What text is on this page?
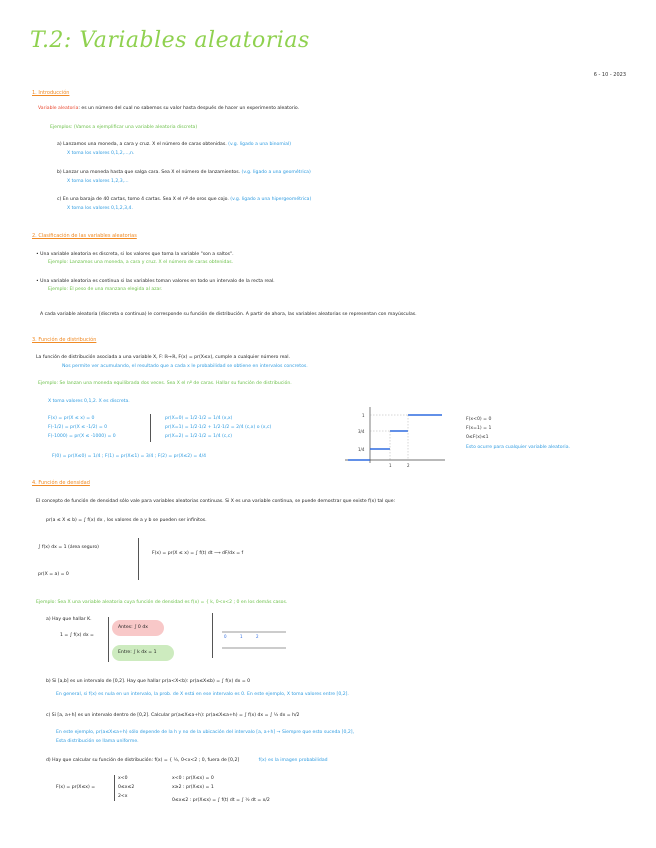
T.2: Variables aleatorias
6 - 10 - 2023
1. Introducción
Variable aleatoria: es un número del cual no sabemos su valor hasta después de hacer un experimento aleatorio.
Ejemplos: (Vamos a ejemplificar una variable aleatoria discreta)
a) Lanzamos una moneda, a cara y cruz. X el número de caras obtenidas. (v.g. ligado a una binomial)
X toma los valores 0,1,2,...,n.
b) Lanzar una moneda hasta que salga cara. Sea X el número de lanzamientos. (v.g. ligado a una geométrica)
X toma los valores 1,2,3,...
c) En una baraja de 40 cartas, tomo 4 cartas. Sea X el nº de oros que cojo. (v.g. ligado a una hipergeométrica)
X toma los valores 0,1,2,3,4.
2. Clasificación de las variables aleatorias
• Una variable aleatoria es discreta, si los valores que toma la variable "son a saltos".
Ejemplo: Lanzamos una moneda, a cara y cruz. X el número de caras obtenidas.
• Una variable aleatoria es continua si las variables toman valores en todo un intervalo de la recta real.
Ejemplo: El peso de una manzana elegida al azar.
A cada variable aleatoria (discreta o continua) le corresponde su función de distribución. A partir de ahora, las variables aleatorias se representan con mayúsculas.
3. Función de distribución
La función de distribución asociada a una variable X, F: ℝ→ℝ, F(x) = pr(X≤x), cumple a cualquier número real.
Nos permite ver acumulando, el resultado que a cada x le probabilidad se obtiene en intervalos concretos.
Ejemplo: Se lanzan una moneda equilibrada dos veces. Sea X el nº de caras. Hallar su función de distribución.
X toma valores 0,1,2. X es discreta.
F(x) = pr(X ≤ x) = 0
F(-1/2) = pr(X ≤ -1/2) = 0
F(-1000) = pr(X ≤ -1000) = 0
pr(X=0) = 1/2·1/2 = 1/4 (x,x)
pr(X=1) = 1/2·1/2 + 1/2·1/2 = 2/4 (c,x) o (x,c)
pr(X=2) = 1/2·1/2 = 1/4 (c,c)
F(0) = pr(X≤0) = 1/4 ; F(1) = pr(X≤1) = 3/4 ; F(2) = pr(X≤2) = 4/4
1
3/4
1/4
1	2
F(x<0) = 0
F(x=1) = 1
0≤F(x)≤1
Esto ocurre para cualquier variable aleatoria.
4. Función de densidad
El concepto de función de densidad sólo vale para variables aleatorias continuas. Si X es una variable continua, se puede demostrar que existe f(x) tal que:
pr(a ≤ X ≤ b) = ∫ f(x) dx , los valores de a y b se pueden ser infinitos.
∫ f(x) dx = 1 (área seguro)
pr(X = a) = 0
F(x) = pr(X ≤ x) = ∫ f(t) dt ⟶ dF/dx = f
Ejemplo: Sea X una variable aleatoria cuya función de densidad es f(x) = { k, 0<x<2 ; 0 en los demás casos.
a) Hay que hallar K.
1 = ∫ f(x) dx =
Antes: ∫ 0 dx
Entre: ∫ k dx = 1
0	1	2
b) Si [a,b] es un intervalo de [0,2]. Hay que hallar pr(a<X<b): pr(a≤X≤b) = ∫ f(x) dx = 0
En general, si f(x) es nula en un intervalo, la prob. de X está en ese intervalo es 0. En este ejemplo, X toma valores entre [0,2].
c) Si [a, a+h] es un intervalo dentro de [0,2]. Calcular pr(a≤X≤a+h): pr(a≤X≤a+h) = ∫ f(x) dx = ∫ ½ dx = h/2
En este ejemplo, pr(a≤X≤a+h) sólo depende de la h y no de la ubicación del intervalo [a, a+h] → Siempre que esto suceda [0,2],
Esta distribución se llama uniforme.
d) Hay que calcular su función de distribución: f(x) = { ½, 0<x<2 ; 0, fuera de [0,2]	f(x) es la imagen probabilidad
F(x) = pr(X≤x) =
x<0
0≤x≤2
2<x
x<0 : pr(X≤x) = 0
x≥2 : pr(X≤x) = 1
0≤x≤2 : pr(X≤x) = ∫ f(t) dt = ∫ ½ dt = x/2
